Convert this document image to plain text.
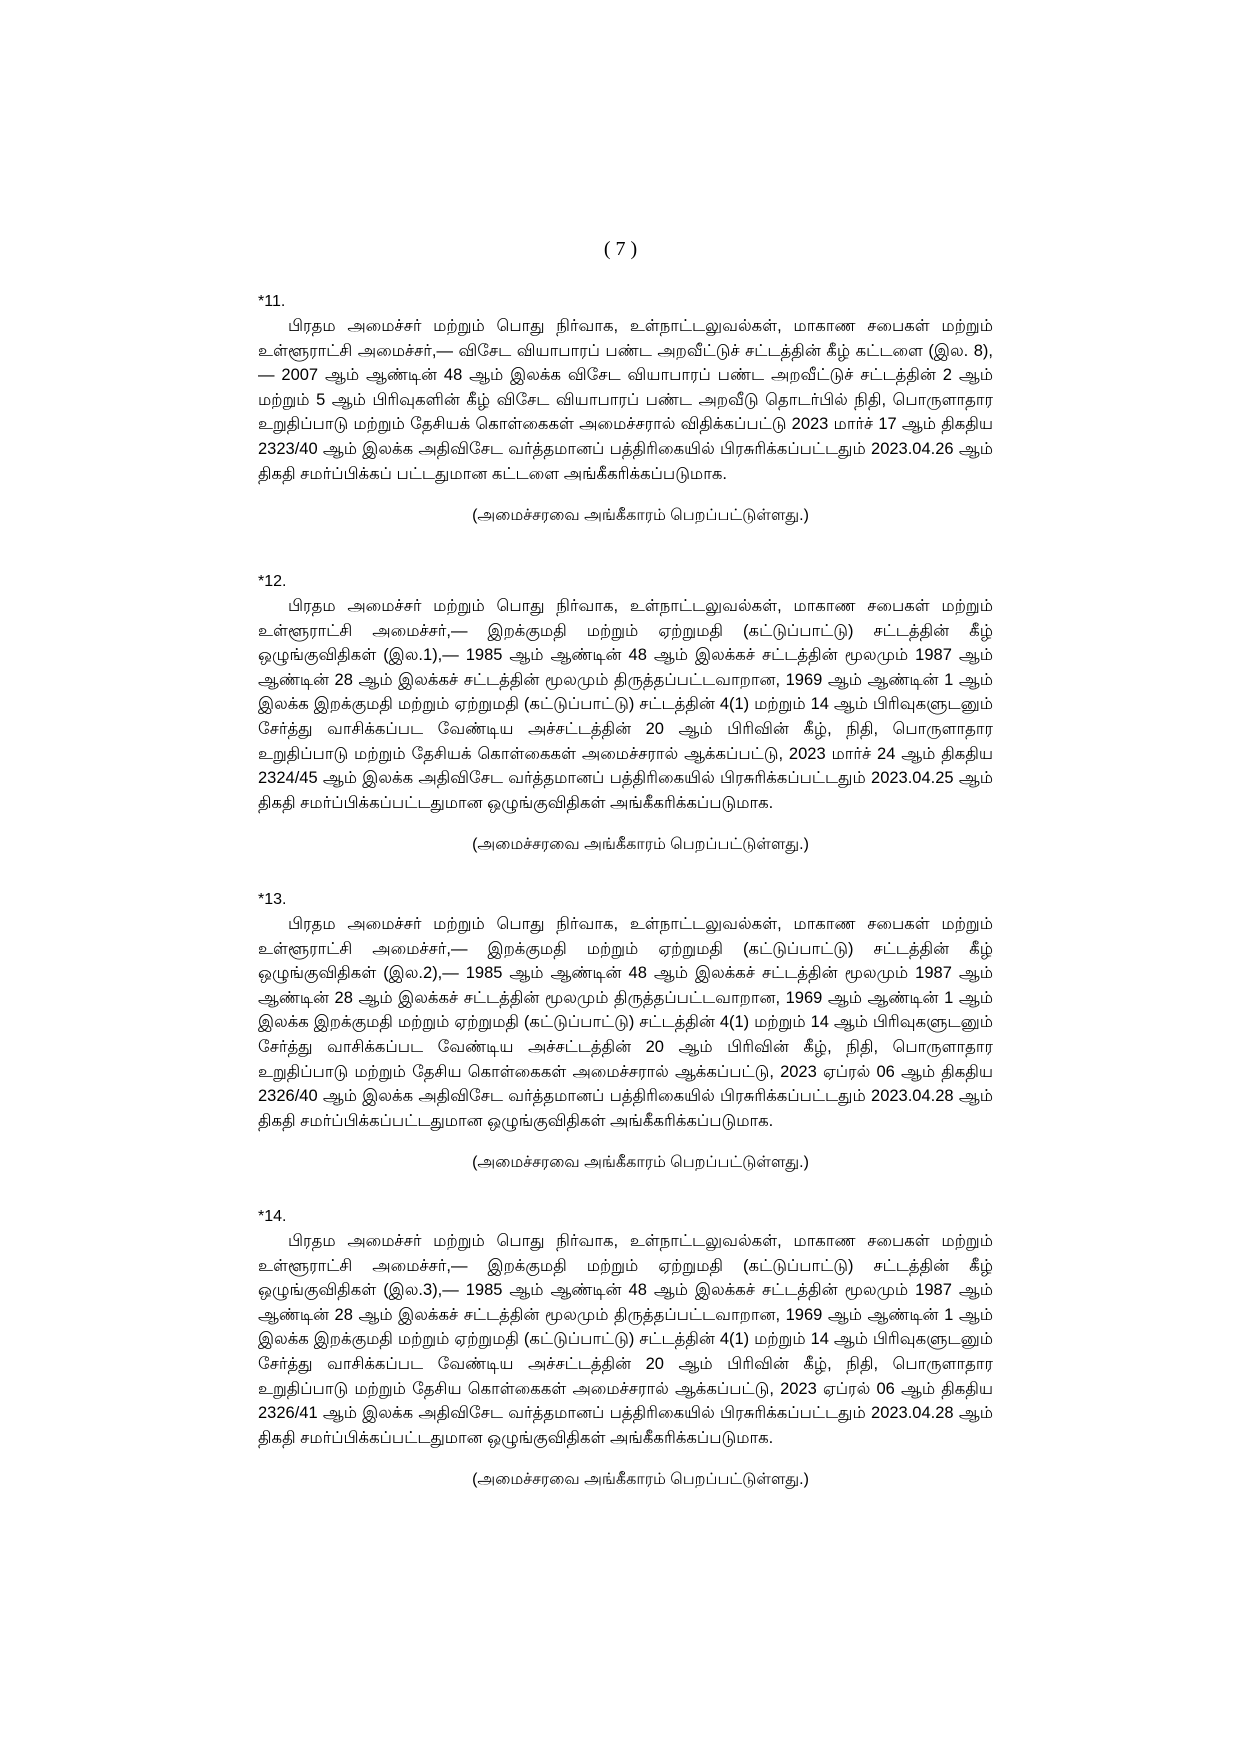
( 7 )

*11.

பிரதம அமைச்சர் மற்றும் பொது நிர்வாக, உள்நாட்டலுவல்கள், மாகாண சபைகள் மற்றும் உள்ளூராட்சி அமைச்சர்,— விசேட வியாபாரப் பண்ட அறவீட்டுச் சட்டத்தின் கீழ் கட்டளை (இல. 8),— 2007 ஆம் ஆண்டின் 48 ஆம் இலக்க விசேட வியாபாரப் பண்ட அறவீட்டுச் சட்டத்தின் 2 ஆம் மற்றும் 5 ஆம் பிரிவுகளின் கீழ் விசேட வியாபாரப் பண்ட அறவீடு தொடர்பில் நிதி, பொருளாதார உறுதிப்பாடு மற்றும் தேசியக் கொள்கைகள் அமைச்சரால் விதிக்கப்பட்டு 2023 மார்ச் 17 ஆம் திகதிய 2323/40 ஆம் இலக்க அதிவிசேட வர்த்தமானப் பத்திரிகையில் பிரசுரிக்கப்பட்டதும் 2023.04.26 ஆம் திகதி சமர்ப்பிக்கப் பட்டதுமான கட்டளை அங்கீகரிக்கப்படுமாக.

(அமைச்சரவை அங்கீகாரம் பெறப்பட்டுள்ளது.)

*12.

பிரதம அமைச்சர் மற்றும் பொது நிர்வாக, உள்நாட்டலுவல்கள், மாகாண சபைகள் மற்றும் உள்ளூராட்சி அமைச்சர்,— இறக்குமதி மற்றும் ஏற்றுமதி (கட்டுப்பாட்டு) சட்டத்தின் கீழ் ஒழுங்குவிதிகள் (இல.1),— 1985 ஆம் ஆண்டின் 48 ஆம் இலக்கச் சட்டத்தின் மூலமும் 1987 ஆம் ஆண்டின் 28 ஆம் இலக்கச் சட்டத்தின் மூலமும் திருத்தப்பட்டவாறான, 1969 ஆம் ஆண்டின் 1 ஆம் இலக்க இறக்குமதி மற்றும் ஏற்றுமதி (கட்டுப்பாட்டு) சட்டத்தின் 4(1) மற்றும் 14 ஆம் பிரிவுகளுடனும் சேர்த்து வாசிக்கப்பட வேண்டிய அச்சட்டத்தின் 20 ஆம் பிரிவின் கீழ், நிதி, பொருளாதார உறுதிப்பாடு மற்றும் தேசியக் கொள்கைகள் அமைச்சரால் ஆக்கப்பட்டு, 2023 மார்ச் 24 ஆம் திகதிய 2324/45 ஆம் இலக்க அதிவிசேட வர்த்தமானப் பத்திரிகையில் பிரசுரிக்கப்பட்டதும் 2023.04.25 ஆம் திகதி சமர்ப்பிக்கப்பட்டதுமான ஒழுங்குவிதிகள் அங்கீகரிக்கப்படுமாக.

(அமைச்சரவை அங்கீகாரம் பெறப்பட்டுள்ளது.)

*13.

பிரதம அமைச்சர் மற்றும் பொது நிர்வாக, உள்நாட்டலுவல்கள், மாகாண சபைகள் மற்றும் உள்ளூராட்சி அமைச்சர்,— இறக்குமதி மற்றும் ஏற்றுமதி (கட்டுப்பாட்டு) சட்டத்தின் கீழ் ஒழுங்குவிதிகள் (இல.2),— 1985 ஆம் ஆண்டின் 48 ஆம் இலக்கச் சட்டத்தின் மூலமும் 1987 ஆம் ஆண்டின் 28 ஆம் இலக்கச் சட்டத்தின் மூலமும் திருத்தப்பட்டவாறான, 1969 ஆம் ஆண்டின் 1 ஆம் இலக்க இறக்குமதி மற்றும் ஏற்றுமதி (கட்டுப்பாட்டு) சட்டத்தின் 4(1) மற்றும் 14 ஆம் பிரிவுகளுடனும் சேர்த்து வாசிக்கப்பட வேண்டிய அச்சட்டத்தின் 20 ஆம் பிரிவின் கீழ், நிதி, பொருளாதார உறுதிப்பாடு மற்றும் தேசிய கொள்கைகள் அமைச்சரால் ஆக்கப்பட்டு, 2023 ஏப்ரல் 06 ஆம் திகதிய 2326/40 ஆம் இலக்க அதிவிசேட வர்த்தமானப் பத்திரிகையில் பிரசுரிக்கப்பட்டதும் 2023.04.28 ஆம் திகதி சமர்ப்பிக்கப்பட்டதுமான ஒழுங்குவிதிகள் அங்கீகரிக்கப்படுமாக.

(அமைச்சரவை அங்கீகாரம் பெறப்பட்டுள்ளது.)

*14.

பிரதம அமைச்சர் மற்றும் பொது நிர்வாக, உள்நாட்டலுவல்கள், மாகாண சபைகள் மற்றும் உள்ளூராட்சி அமைச்சர்,— இறக்குமதி மற்றும் ஏற்றுமதி (கட்டுப்பாட்டு) சட்டத்தின் கீழ் ஒழுங்குவிதிகள் (இல.3),— 1985 ஆம் ஆண்டின் 48 ஆம் இலக்கச் சட்டத்தின் மூலமும் 1987 ஆம் ஆண்டின் 28 ஆம் இலக்கச் சட்டத்தின் மூலமும் திருத்தப்பட்டவாறான, 1969 ஆம் ஆண்டின் 1 ஆம் இலக்க இறக்குமதி மற்றும் ஏற்றுமதி (கட்டுப்பாட்டு) சட்டத்தின் 4(1) மற்றும் 14 ஆம் பிரிவுகளுடனும் சேர்த்து வாசிக்கப்பட வேண்டிய அச்சட்டத்தின் 20 ஆம் பிரிவின் கீழ், நிதி, பொருளாதார உறுதிப்பாடு மற்றும் தேசிய கொள்கைகள் அமைச்சரால் ஆக்கப்பட்டு, 2023 ஏப்ரல் 06 ஆம் திகதிய 2326/41 ஆம் இலக்க அதிவிசேட வர்த்தமானப் பத்திரிகையில் பிரசுரிக்கப்பட்டதும் 2023.04.28 ஆம் திகதி சமர்ப்பிக்கப்பட்டதுமான ஒழுங்குவிதிகள் அங்கீகரிக்கப்படுமாக.

(அமைச்சரவை அங்கீகாரம் பெறப்பட்டுள்ளது.)
